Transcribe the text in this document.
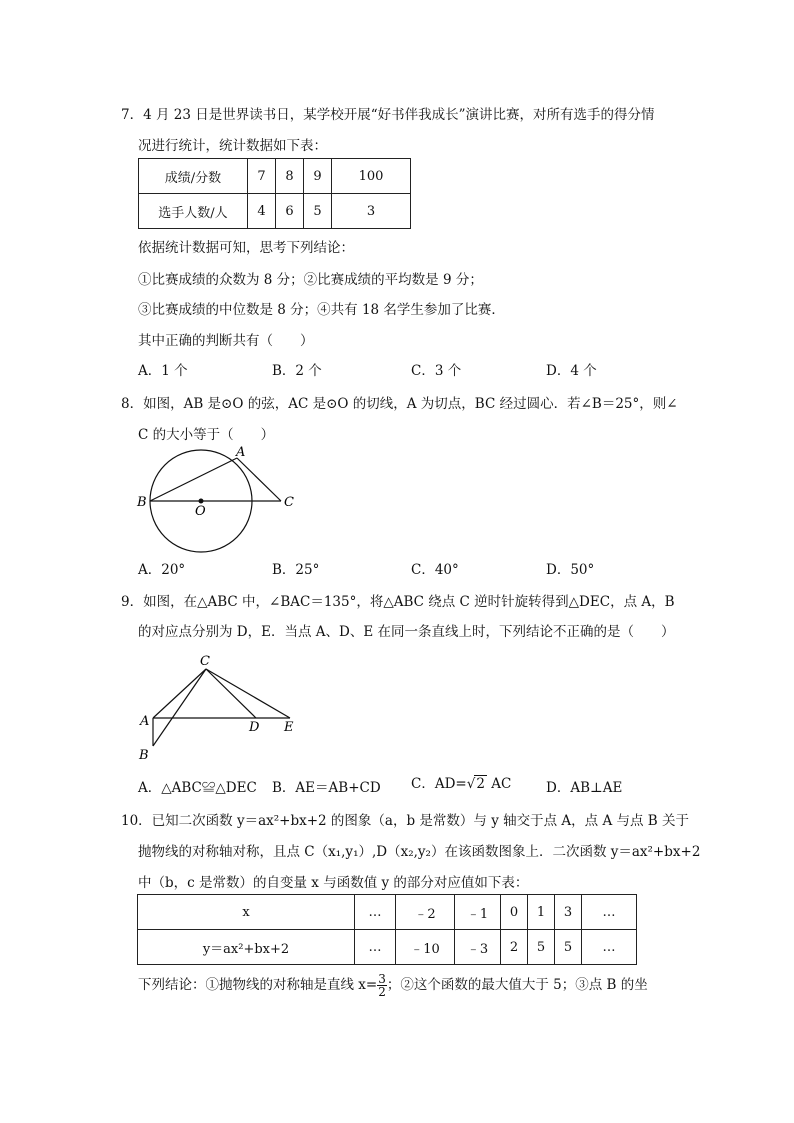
7．4 月 23 日是世界读书日，某学校开展“好书伴我成长”演讲比赛，对所有选手的得分情
况进行统计，统计数据如下表：
成绩/分数	7	8	9	100
选手人数/人	4	6	5	3
依据统计数据可知，思考下列结论：
①比赛成绩的众数为 8 分；②比赛成绩的平均数是 9 分；
③比赛成绩的中位数是 8 分；④共有 18 名学生参加了比赛．
其中正确的判断共有（　　）
A．1 个	B．2 个	C．3 个	D．4 个
8．如图，AB 是⊙O 的弦，AC 是⊙O 的切线，A 为切点，BC 经过圆心．若∠B＝25°，则∠
C 的大小等于（　　）
A
B
O
C
A．20°	B．25°	C．40°	D．50°
9．如图，在△ABC 中，∠BAC＝135°，将△ABC 绕点 C 逆时针旋转得到△DEC，点 A，B
的对应点分别为 D，E．当点 A、D、E 在同一条直线上时，下列结论不正确的是（　　）
C
A	D E
B
A．△ABC≌△DEC B．AE＝AB+CD C．AD=√2 AC	D．AB⊥AE
10．已知二次函数 y＝ax²+bx+2 的图象（a，b 是常数）与 y 轴交于点 A，点 A 与点 B 关于
抛物线的对称轴对称，且点 C（x₁,y₁）,D（x₂,y₂）在该函数图象上．二次函数 y＝ax²+bx+2
中（b，c 是常数）的自变量 x 与函数值 y 的部分对应值如下表：
x	…	﹣2	﹣1	0	1	3	…
y＝ax²+bx+2	…	﹣10	﹣3	2	5	5	…
下列结论：①抛物线的对称轴是直线 $x= \frac{3}{2}$ ；②这个函数的最大值大于 5；③点 B 的坐
